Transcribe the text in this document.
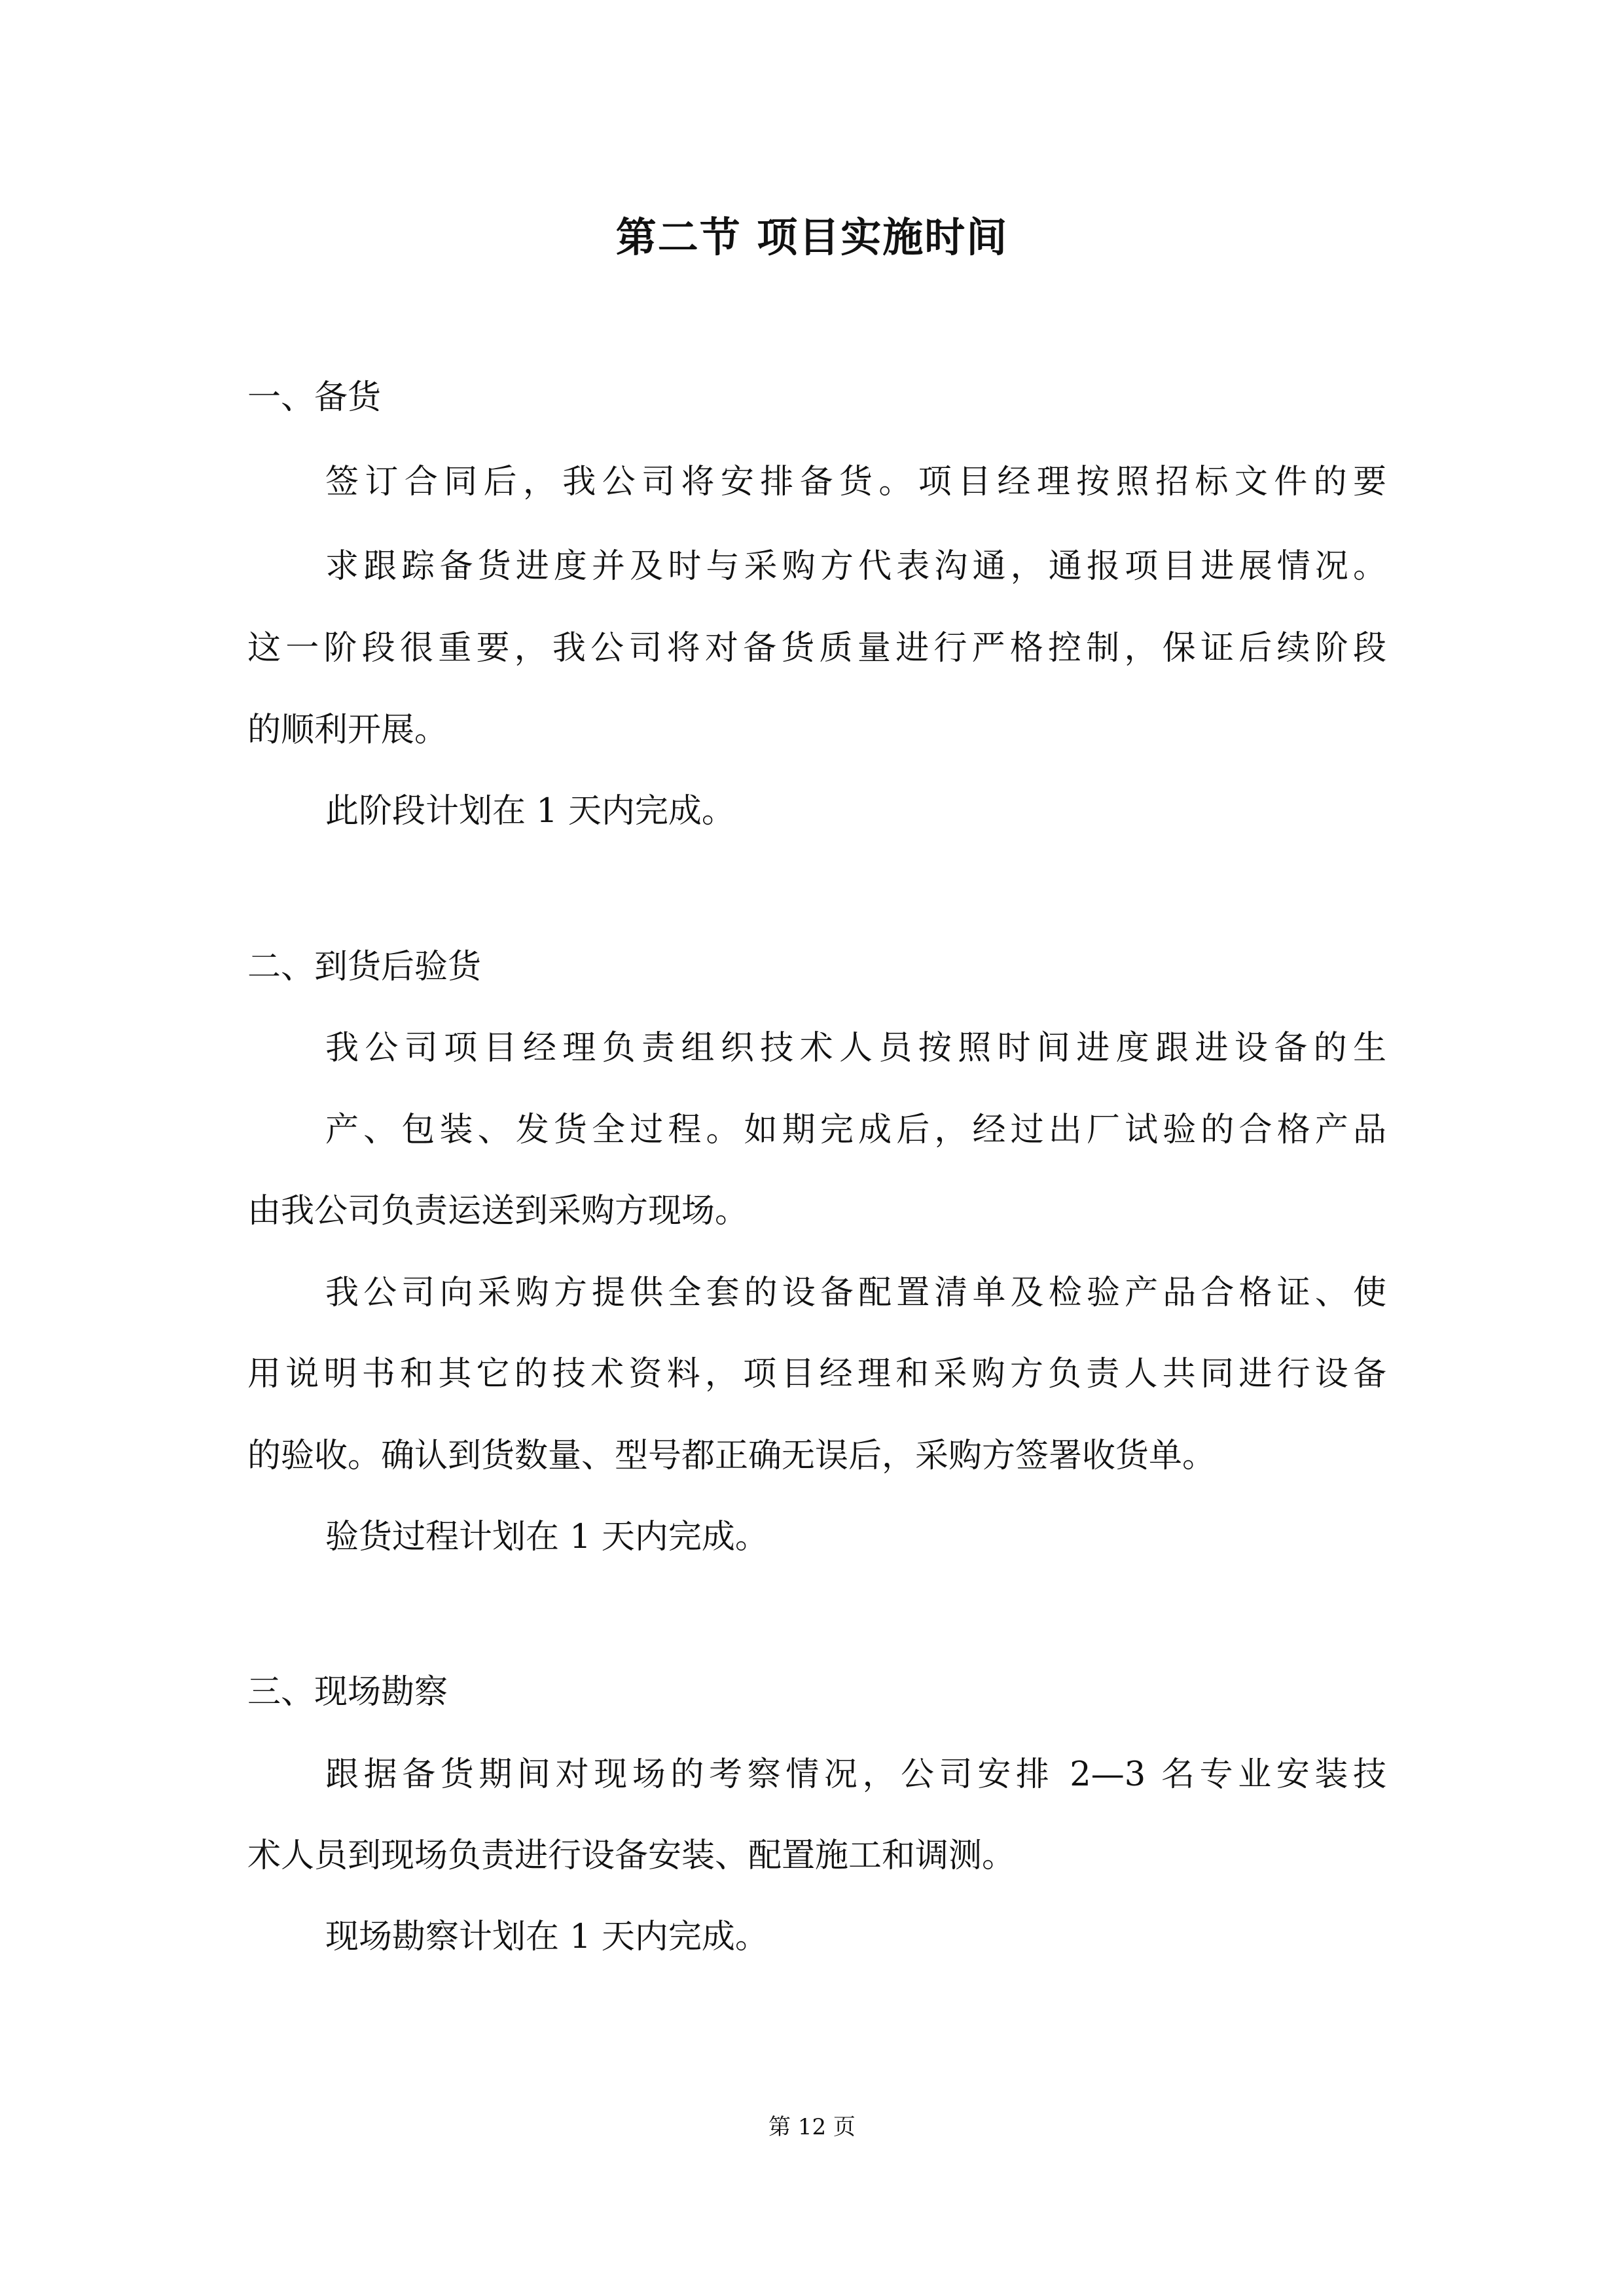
第二节 项目实施时间

一、备货

签订合同后，我公司将安排备货。项目经理按照招标文件的要

求跟踪备货进度并及时与采购方代表沟通，通报项目进展情况。

这一阶段很重要，我公司将对备货质量进行严格控制，保证后续阶段

的顺利开展。

此阶段计划在 1 天内完成。

二、到货后验货

我公司项目经理负责组织技术人员按照时间进度跟进设备的生

产、包装、发货全过程。如期完成后，经过出厂试验的合格产品

由我公司负责运送到采购方现场。

我公司向采购方提供全套的设备配置清单及检验产品合格证、使

用说明书和其它的技术资料，项目经理和采购方负责人共同进行设备

的验收。确认到货数量、型号都正确无误后，采购方签署收货单。

验货过程计划在 1 天内完成。

三、现场勘察

跟据备货期间对现场的考察情况，公司安排 2—3 名专业安装技

术人员到现场负责进行设备安装、配置施工和调测。

现场勘察计划在 1 天内完成。

第 12 页
